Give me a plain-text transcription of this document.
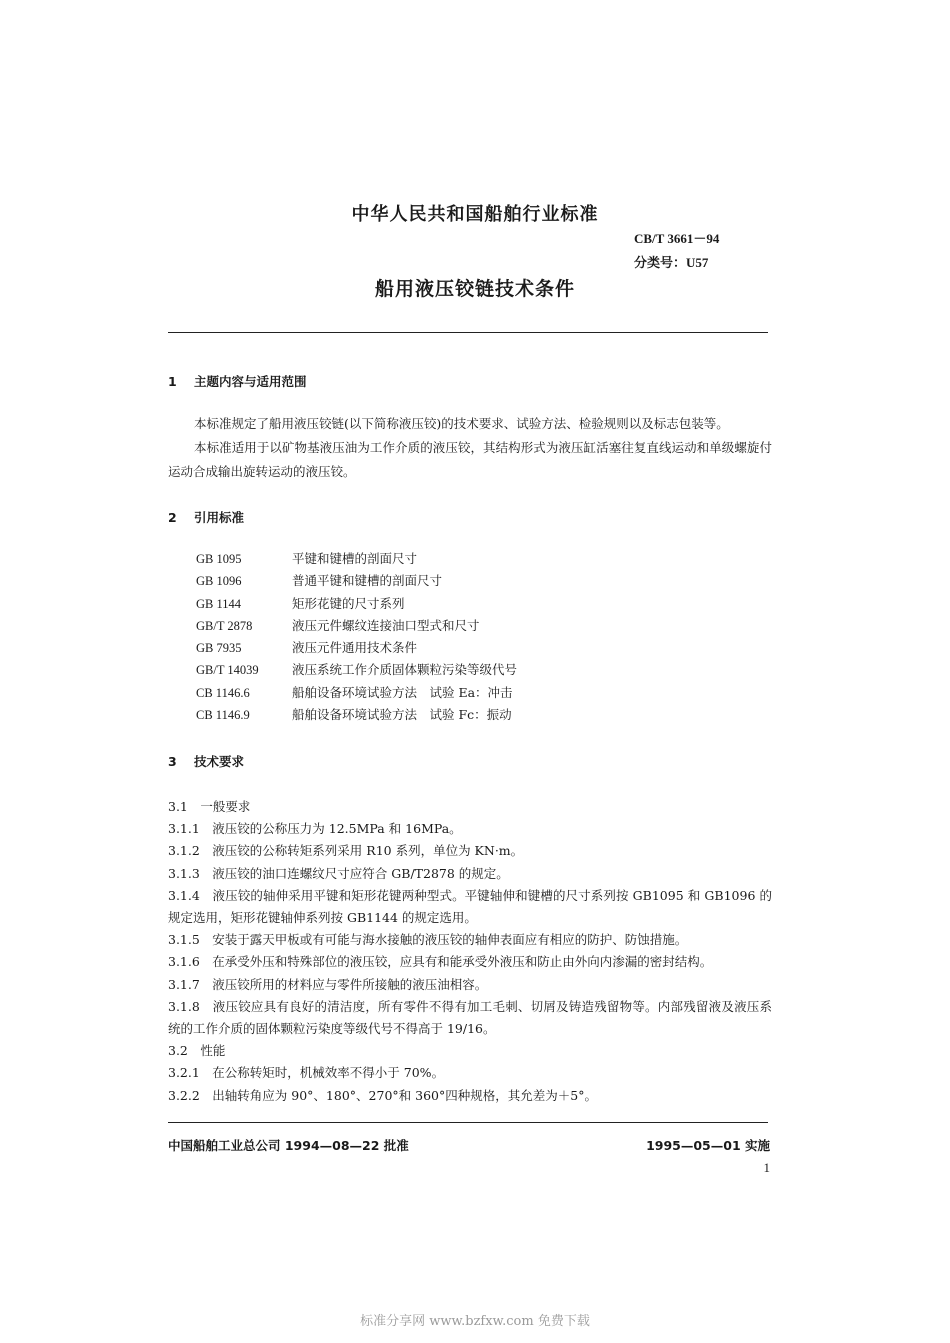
中华人民共和国船舶行业标准
CB/T 3661－94
分类号：U57
船用液压铰链技术条件
1 主题内容与适用范围

本标准规定了船用液压铰链(以下简称液压铰)的技术要求、试验方法、检验规则以及标志包装等。

本标准适用于以矿物基液压油为工作介质的液压铰，其结构形式为液压缸活塞往复直线运动和单级螺旋付运动合成输出旋转运动的液压铰。

2 引用标准
GB 1095	平键和键槽的剖面尺寸
GB 1096	普通平键和键槽的剖面尺寸
GB 1144	矩形花键的尺寸系列
GB/T 2878	液压元件螺纹连接油口型式和尺寸
GB 7935	液压元件通用技术条件
GB/T 14039	液压系统工作介质固体颗粒污染等级代号
CB 1146.6	船舶设备环境试验方法　试验 Ea：冲击
CB 1146.9	船舶设备环境试验方法　试验 Fc：振动
3 技术要求
3.1　一般要求
3.1.1　液压铰的公称压力为 12.5MPa 和 16MPa。
3.1.2　液压铰的公称转矩系列采用 R10 系列，单位为 KN·m。
3.1.3　液压铰的油口连螺纹尺寸应符合 GB/T2878 的规定。
3.1.4　液压铰的轴伸采用平键和矩形花键两种型式。平键轴伸和键槽的尺寸系列按 GB1095 和 GB1096 的规定选用，矩形花键轴伸系列按 GB1144 的规定选用。
3.1.5　安装于露天甲板或有可能与海水接触的液压铰的轴伸表面应有相应的防护、防蚀措施。
3.1.6　在承受外压和特殊部位的液压铰，应具有和能承受外液压和防止由外向内渗漏的密封结构。
3.1.7　液压铰所用的材料应与零件所接触的液压油相容。
3.1.8　液压铰应具有良好的清洁度，所有零件不得有加工毛刺、切屑及铸造残留物等。内部残留液及液压系统的工作介质的固体颗粒污染度等级代号不得高于 19/16。
3.2　性能
3.2.1　在公称转矩时，机械效率不得小于 70%。
3.2.2　出轴转角应为 90°、180°、270°和 360°四种规格，其允差为＋5°。
中国船舶工业总公司 1994—08—22 批准	1995—05—01 实施
1
标准分享网 www.bzfxw.com 免费下载
